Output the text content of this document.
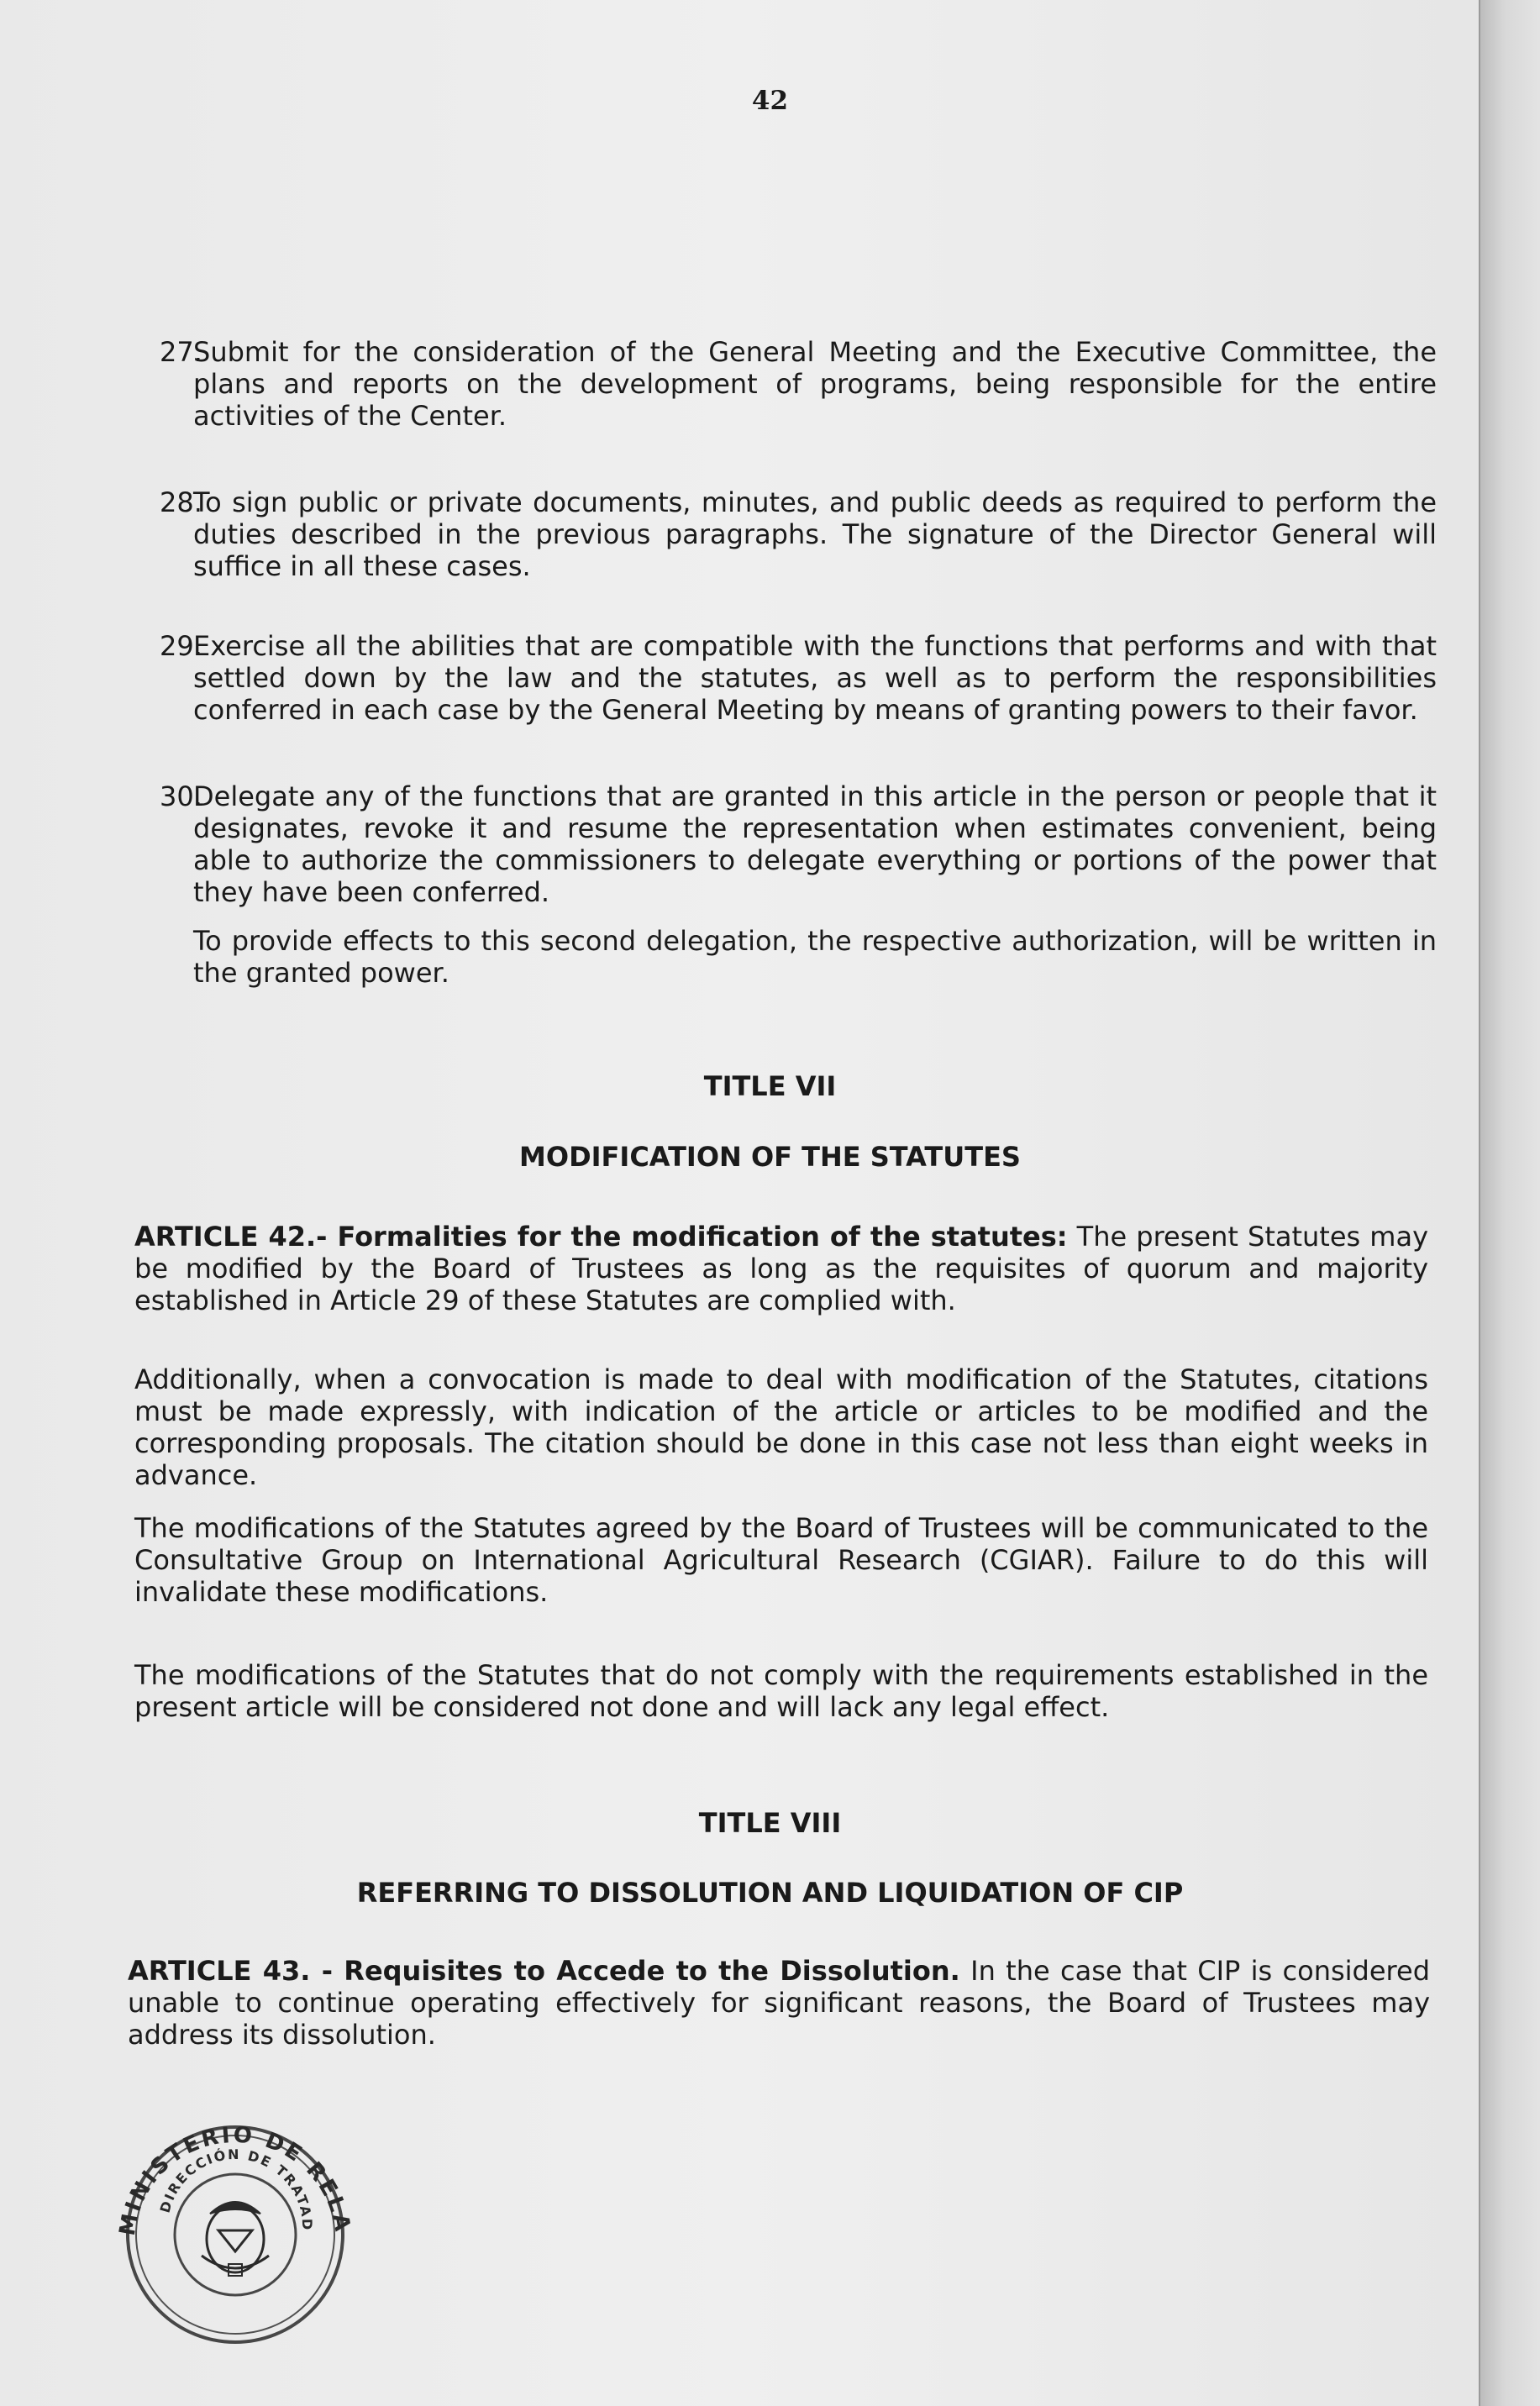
42
27.
Submit for the consideration of the General Meeting and the Executive Committee, the plans and reports on the development of programs, being responsible for the entire activities of the Center.
28.
To sign public or private documents, minutes, and public deeds as required to perform the duties described in the previous paragraphs. The signature of the Director General will suffice in all these cases.
29.
Exercise all the abilities that are compatible with the functions that performs and with that settled down by the law and the statutes, as well as to perform the responsibilities conferred in each case by the General Meeting by means of granting powers to their favor.
30.
Delegate any of the functions that are granted in this article in the person or people that it designates, revoke it and resume the representation when estimates convenient, being able to authorize the commissioners to delegate everything or portions of the power that they have been conferred.
To provide effects to this second delegation, the respective authorization, will be written in the granted power.
TITLE VII
MODIFICATION OF THE STATUTES
ARTICLE 42.- Formalities for the modification of the statutes: The present Statutes may be modified by the Board of Trustees as long as the requisites of quorum and majority established in Article 29 of these Statutes are complied with.
Additionally, when a convocation is made to deal with modification of the Statutes, citations must be made expressly, with indication of the article or articles to be modified and the corresponding proposals. The citation should be done in this case not less than eight weeks in advance.
The modifications of the Statutes agreed by the Board of Trustees will be communicated to the Consultative Group on International Agricultural Research (CGIAR). Failure to do this will invalidate these modifications.
The modifications of the Statutes that do not comply with the requirements established in the present article will be considered not done and will lack any legal effect.
TITLE VIII
REFERRING TO DISSOLUTION AND LIQUIDATION OF CIP
ARTICLE 43. - Requisites to Accede to the Dissolution. In the case that CIP is considered unable to continue operating effectively for significant reasons, the Board of Trustees may address its dissolution.
MINISTERIO DE RELA
DIRECCIÓN DE TRATAD
